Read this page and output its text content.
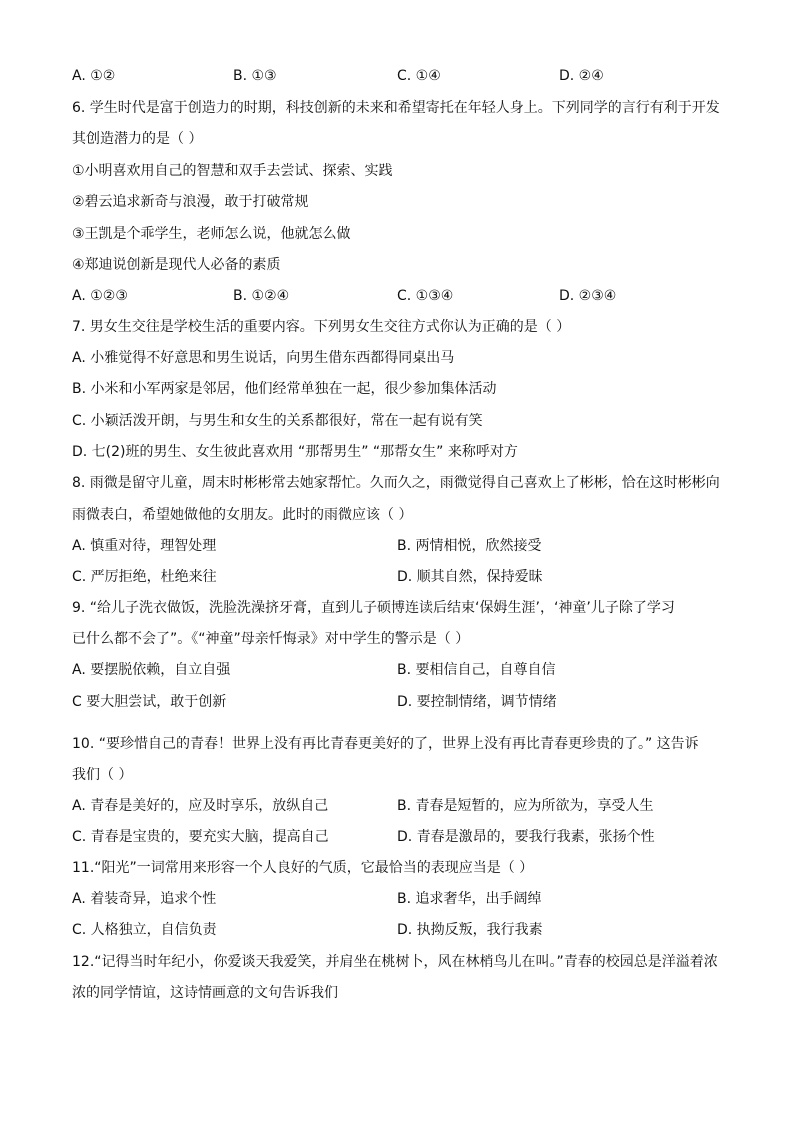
A. ①②	B. ①③	C. ①④	D. ②④
6. 学生时代是富于创造力的时期，科技创新的未来和希望寄托在年轻人身上。下列同学的言行有利于开发
其创造潜力的是（ ）
①小明喜欢用自己的智慧和双手去尝试、探索、实践
②碧云追求新奇与浪漫，敢于打破常规
③王凯是个乖学生，老师怎么说，他就怎么做
④郑迪说创新是现代人必备的素质
A. ①②③	B. ①②④	C. ①③④	D. ②③④
7. 男女生交往是学校生活的重要内容。下列男女生交往方式你认为正确的是（ ）
A. 小雅觉得不好意思和男生说话，向男生借东西都得同桌出马
B. 小米和小军两家是邻居，他们经常单独在一起，很少参加集体活动
C. 小颖活泼开朗，与男生和女生的关系都很好，常在一起有说有笑
D. 七(2)班的男生、女生彼此喜欢用 “那帮男生” “那帮女生” 来称呼对方
8. 雨微是留守儿童，周末时彬彬常去她家帮忙。久而久之，雨微觉得自己喜欢上了彬彬，恰在这时彬彬向
雨微表白，希望她做他的女朋友。此时的雨微应该（ ）
A. 慎重对待，理智处理	B. 两情相悦，欣然接受
C. 严厉拒绝，杜绝来往	D. 顺其自然，保持爱昧
9. “给儿子洗衣做饭，洗脸洗澡挤牙膏，直到儿子硕博连读后结束‘保姆生涯’，‘神童’儿子除了学习
已什么都不会了”。《“神童”母亲忏悔录》对中学生的警示是（ ）
A. 要摆脱依赖，自立自强	B. 要相信自己，自尊自信
C 要大胆尝试，敢于创新	D. 要控制情绪，调节情绪
10. “要珍惜自己的青春！世界上没有再比青春更美好的了，世界上没有再比青春更珍贵的了。” 这告诉
我们（ ）
A. 青春是美好的，应及时享乐，放纵自己	B. 青春是短暂的，应为所欲为，享受人生
C. 青春是宝贵的，要充实大脑，提高自己	D. 青春是激昂的，要我行我素，张扬个性
11.“阳光”一词常用来形容一个人良好的气质，它最恰当的表现应当是（ ）
A. 着装奇异，追求个性	B. 追求奢华，出手阔绰
C. 人格独立，自信负责	D. 执拗反叛，我行我素
12.“记得当时年纪小，你爱谈天我爱笑，并肩坐在桃树卜，风在林梢鸟儿在叫。”青春的校园总是洋溢着浓
浓的同学情谊，这诗情画意的文句告诉我们
